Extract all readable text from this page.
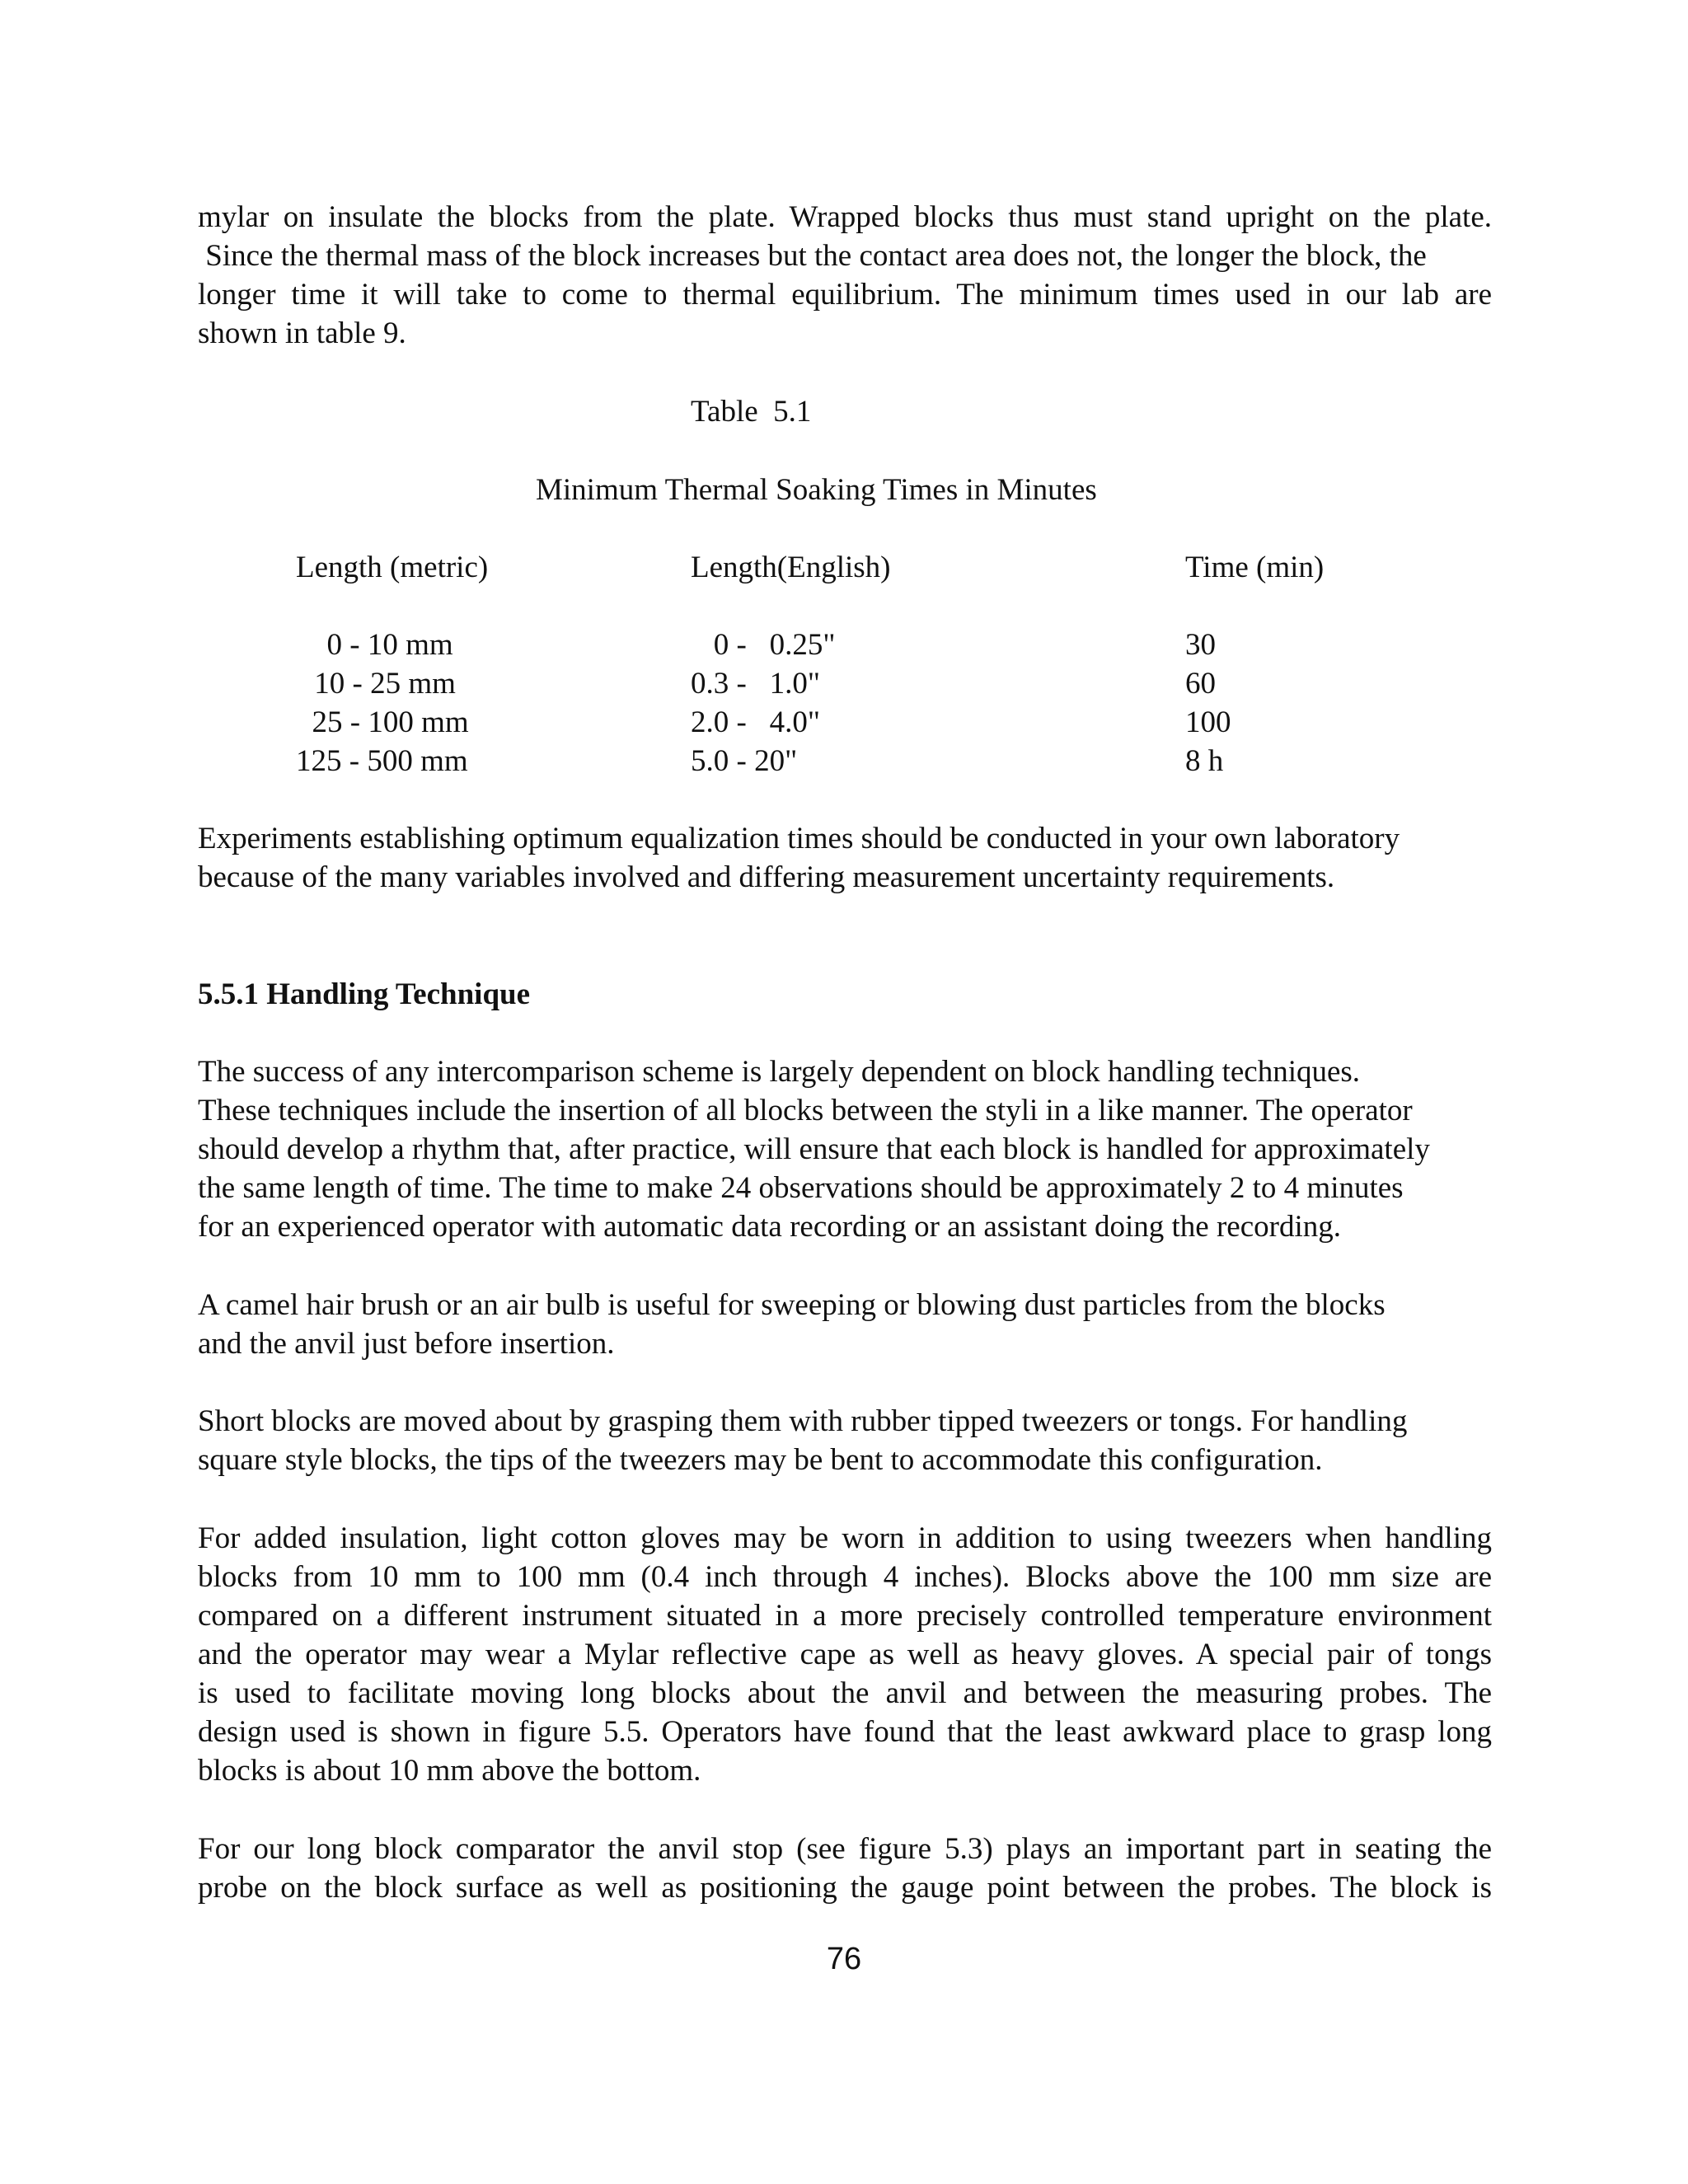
mylar on insulate the blocks from the plate. Wrapped blocks thus must stand upright on the plate.
Since the thermal mass of the block increases but the contact area does not, the longer the block, the
longer time it will take to come to thermal equilibrium. The minimum times used in our lab are
shown in table 9.
Table  5.1
Minimum Thermal Soaking Times in Minutes
Length (metric)	Length(English)	Time (min)
0 - 10 mm	0 -   0.25"	30
10 - 25 mm	0.3 -   1.0"	60
25 - 100 mm	2.0 -   4.0"	100
125 - 500 mm	5.0 - 20"	8 h
Experiments establishing optimum equalization times should be conducted in your own laboratory
because of the many variables involved and differing measurement uncertainty requirements.
5.5.1 Handling Technique
The success of any intercomparison scheme is largely dependent on block handling techniques.
These techniques include the insertion of all blocks between the styli in a like manner. The operator
should develop a rhythm that, after practice, will ensure that each block is handled for approximately
the same length of time. The time to make 24 observations should be approximately 2 to 4 minutes
for an experienced operator with automatic data recording or an assistant doing the recording.
A camel hair brush or an air bulb is useful for sweeping or blowing dust particles from the blocks
and the anvil just before insertion.
Short blocks are moved about by grasping them with rubber tipped tweezers or tongs. For handling
square style blocks, the tips of the tweezers may be bent to accommodate this configuration.
For added insulation, light cotton gloves may be worn in addition to using tweezers when handling
blocks from 10 mm to 100 mm (0.4 inch through 4 inches). Blocks above the 100 mm size are
compared on a different instrument situated in a more precisely controlled temperature environment
and the operator may wear a Mylar reflective cape as well as heavy gloves. A special pair of tongs
is used to facilitate moving long blocks about the anvil and between the measuring probes. The
design used is shown in figure 5.5. Operators have found that the least awkward place to grasp long
blocks is about 10 mm above the bottom.
For our long block comparator the anvil stop (see figure 5.3) plays an important part in seating the
probe on the block surface as well as positioning the gauge point between the probes. The block is
76
